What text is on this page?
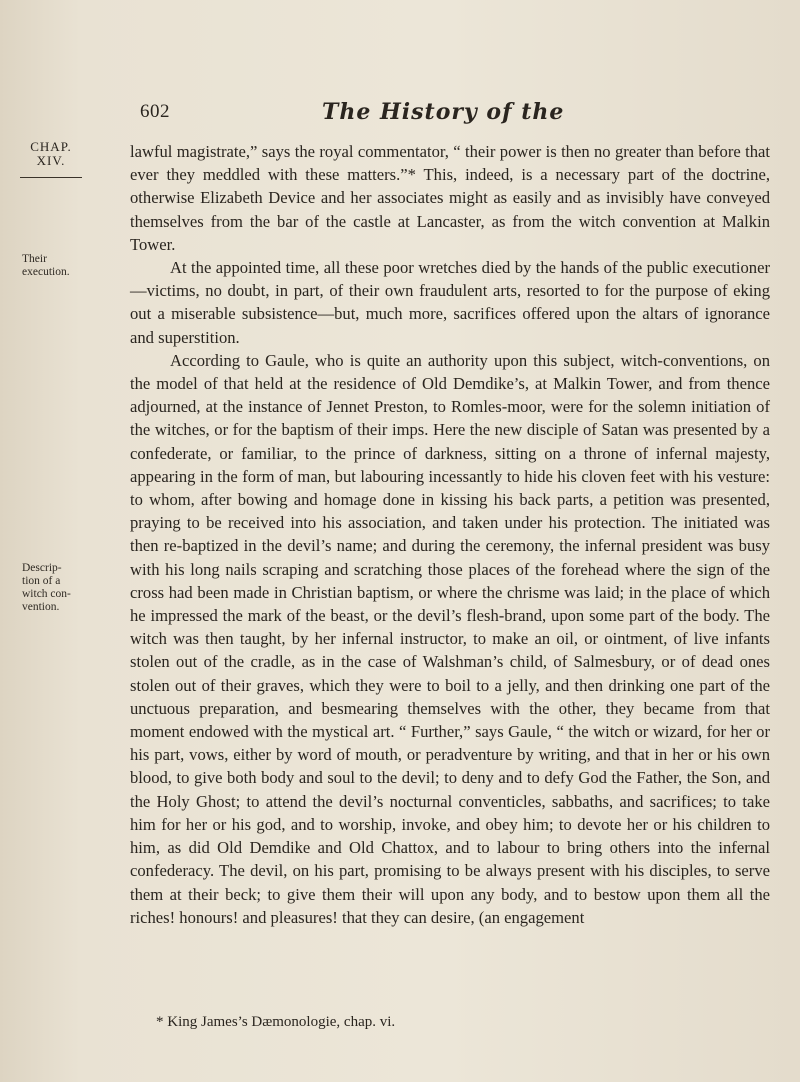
602	The History of the
CHAP.
XIV.
Their
execution.
Descrip-
tion of a
witch con-
vention.

lawful magistrate,” says the royal commentator, “ their power is then no greater than before that ever they meddled with these matters.”* This, indeed, is a necessary part of the doctrine, otherwise Elizabeth Device and her associates might as easily and as invisibly have conveyed themselves from the bar of the castle at Lancaster, as from the witch convention at Malkin Tower.

At the appointed time, all these poor wretches died by the hands of the public executioner—victims, no doubt, in part, of their own fraudulent arts, resorted to for the purpose of eking out a miserable subsistence—but, much more, sacrifices offered upon the altars of ignorance and superstition.

According to Gaule, who is quite an authority upon this subject, witch-conventions, on the model of that held at the residence of Old Demdike’s, at Malkin Tower, and from thence adjourned, at the instance of Jennet Preston, to Romles-moor, were for the solemn initiation of the witches, or for the baptism of their imps. Here the new disciple of Satan was presented by a confederate, or familiar, to the prince of darkness, sitting on a throne of infernal majesty, appearing in the form of man, but labouring incessantly to hide his cloven feet with his vesture: to whom, after bowing and homage done in kissing his back parts, a petition was presented, praying to be received into his association, and taken under his protection. The initiated was then re-baptized in the devil’s name; and during the ceremony, the infernal president was busy with his long nails scraping and scratching those places of the forehead where the sign of the cross had been made in Christian baptism, or where the chrisme was laid; in the place of which he impressed the mark of the beast, or the devil’s flesh-brand, upon some part of the body. The witch was then taught, by her infernal instructor, to make an oil, or ointment, of live infants stolen out of the cradle, as in the case of Walshman’s child, of Salmesbury, or of dead ones stolen out of their graves, which they were to boil to a jelly, and then drinking one part of the unctuous preparation, and besmearing themselves with the other, they became from that moment endowed with the mystical art. “ Further,” says Gaule, “ the witch or wizard, for her or his part, vows, either by word of mouth, or peradventure by writing, and that in her or his own blood, to give both body and soul to the devil; to deny and to defy God the Father, the Son, and the Holy Ghost; to attend the devil’s nocturnal conventicles, sabbaths, and sacrifices; to take him for her or his god, and to worship, invoke, and obey him; to devote her or his children to him, as did Old Demdike and Old Chattox, and to labour to bring others into the infernal confederacy. The devil, on his part, promising to be always present with his disciples, to serve them at their beck; to give them their will upon any body, and to bestow upon them all the riches! honours! and pleasures! that they can desire, (an engagement

* King James’s Dæmonologie, chap. vi.
